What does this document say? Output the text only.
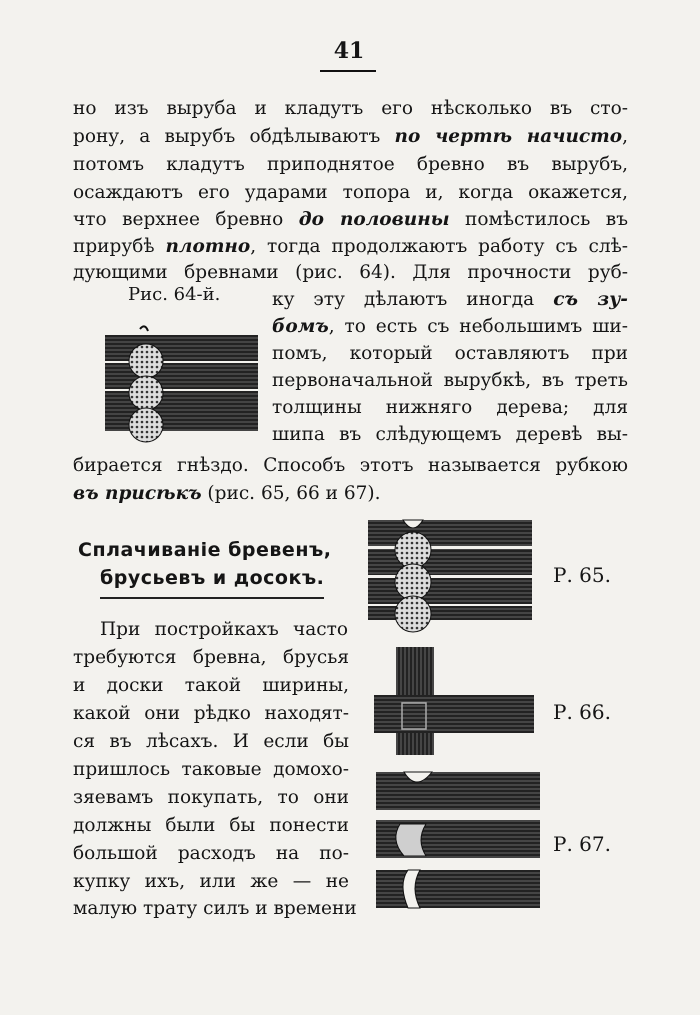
41
но изъ выруба и кладутъ его нѣсколько въ сто-
рону, а вырубъ обдѣлываютъ по чертѣ начисто,
потомъ кладутъ приподнятое бревно въ вырубъ,
осаждаютъ его ударами топора и, когда окажется,
что верхнее бревно до половины помѣстилось въ
прирубѣ плотно, тогда продолжаютъ работу съ слѣ-
дующими бревнами (рис. 64). Для прочности руб-
Рис. 64-й.	ку эту дѣлаютъ иногда съ зу-
бомъ, то есть съ небольшимъ ши-
помъ, который оставляютъ при
первоначальной вырубкѣ, въ треть
толщины нижняго дерева; для
шипа въ слѣдующемъ деревѣ вы-
бирается гнѣздо. Способъ этотъ называется рубкою
въ присѣкъ (рис. 65, 66 и 67).
Сплачиванiе бревенъ,
брусьевъ и досокъ.
При постройкахъ часто
требуются бревна, брусья
и доски такой ширины,
какой они рѣдко находят-
ся въ лѣсахъ. И если бы
пришлось таковые домохо-
зяевамъ покупать, то они
должны были бы понести
большой расходъ на по-
купку ихъ, или же — не
малую трату силъ и времени
Р. 65.
Р. 66.
Р. 67.
